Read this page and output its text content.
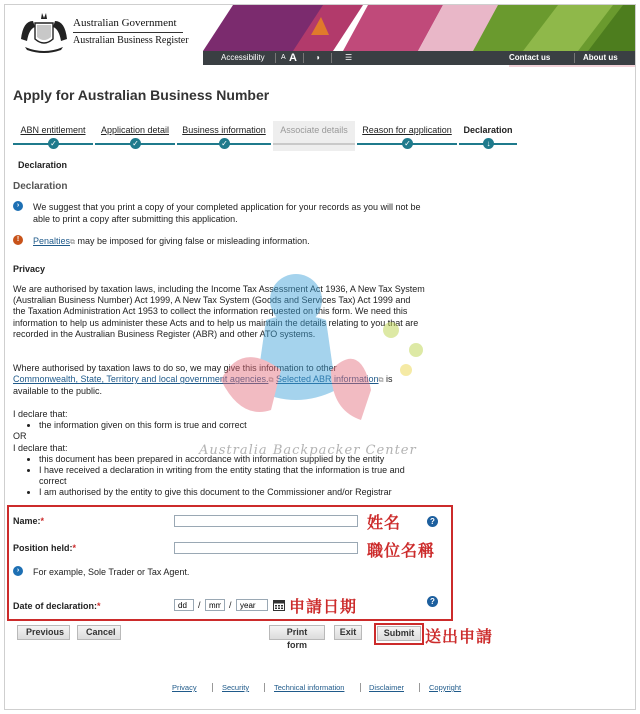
Australian Government
Australian Business Register
Accessibility A A ◑	☰	Contact us	About us
Apply for Australian Business Number
ABN entitlement
✓
Application detail
✓
Business information
✓
Associate details	Reason for application
✓
Declaration
↓
Declaration
Declaration
›	We suggest that you print a copy of your completed application for your records as you will not be able to print a copy after submitting this application.
!	Penalties⧉ may be imposed for giving false or misleading information.
Privacy

We are authorised by taxation laws, including the Income Tax Assessment Act 1936, A New Tax System (Australian Business Number) Act 1999, A New Tax System (Goods and Services Tax) Act 1999 and the Taxation Administration Act 1953 to collect the information requested on this form. We need this information to help us administer these Acts and to help us maintain the details relating to you that are recorded in the Australian Business Register (ABR) and other ATO systems.

Where authorised by taxation laws to do so, we may give this information to other
Commonwealth, State, Territory and local government agencies.⧉ Selected ABR information⧉ is available to the public.

I declare that:
• the information given on this form is true and correct
OR
I declare that:
• this document has been prepared in accordance with information supplied by the entity
• I have received a declaration in writing from the entity stating that the information is true and correct
• I am authorised by the entity to give this document to the Commissioner and/or Registrar
Australia Backpacker Center
Name:*	姓名	?
Position held:*	職位名稱
›	For example, Sole Trader or Tax Agent.
Date of declaration:*
dd	/
mm	/
year	申請日期	?
Previous	Cancel	Print form
Exit	Submit 送出申請
Privacy	Security	Technical information	Disclaimer	Copyright
